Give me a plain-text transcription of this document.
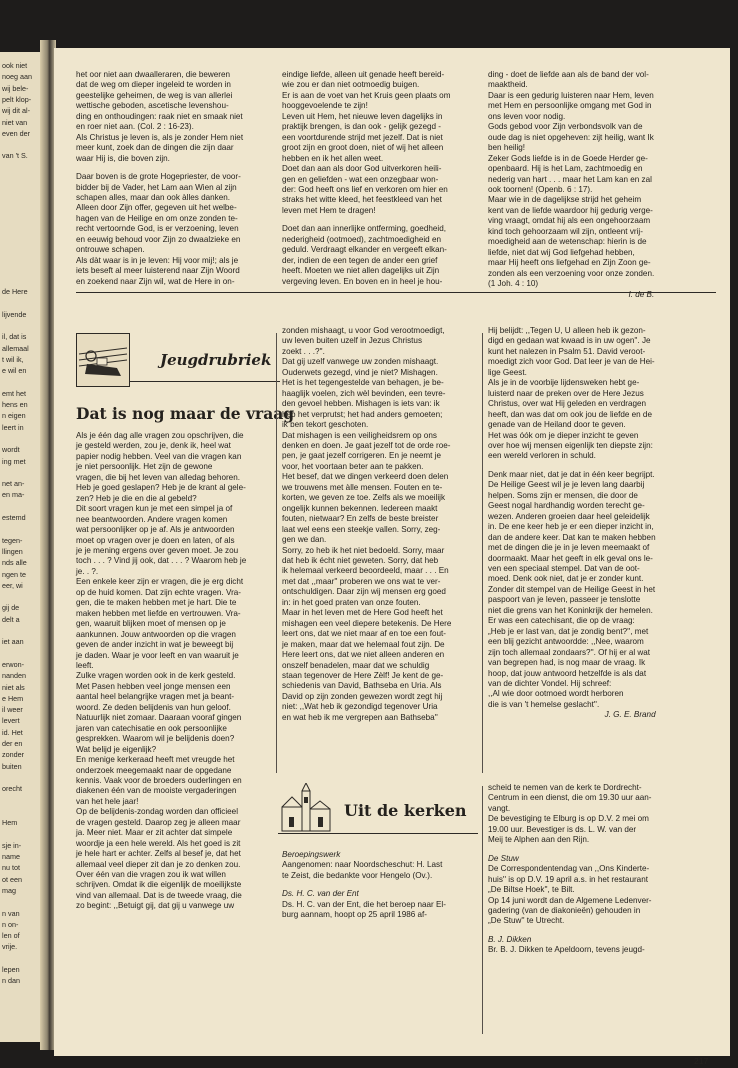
ook niet
noeg aan
wij bele-
pelt klop-
wij dit al-
niet van
even der
van 't S.
de Here
lijvende
il, dat is
allemaal
t wil ik,
e wil en
emt het
hens en
n eigen
leert in
wordt
ing met
net an-
en ma-
estemd
tegen-
llingen
nds alle
ngen te
eer, wi
gij de
delt a
iet aan
erwon-
nanden
niet als
e Hem
il weer
levert
id. Het
der en
zonder
buiten
orecht
Hem
sje in-
name
nu tot
ot een
mag
n van
n on-
len of
vrije.
lepen
n dan

het oor niet aan dwaalleraren, die beweren

dat de weg om dieper ingeleid te worden in

geestelijke geheimen, de weg is van allerlei

wettische geboden, ascetische levenshou-

ding en onthoudingen: raak niet en smaak niet

en roer niet aan. (Col. 2 : 16-23).

Als Christus je leven is, als je zonder Hem niet

meer kunt, zoek dan de dingen die zijn daar

waar Hij is, die boven zijn.

Daar boven is de grote Hogepriester, de voor-

bidder bij de Vader, het Lam aan Wien al zijn

schapen alles, maar dan ook àlles danken.

Alleen door Zijn offer, gegeven uit het welbe-

hagen van de Heilige en om onze zonden te-

recht vertoornde God, is er verzoening, leven

en eeuwig behoud voor Zijn zo dwaalzieke en

ontrouwe schapen.

Als dàt waar is in je leven: Hij voor mij!; als je

iets beseft al meer luisterend naar Zijn Woord

en zoekend naar Zijn wil, wat de Here in on-

eindige liefde, alleen uit genade heeft bereid-

wie zou er dan niet ootmoedig buigen.

Er is aan de voet van het Kruis geen plaats om

hooggevoelende te zijn!

Leven uit Hem, het nieuwe leven dagelijks in

praktijk brengen, is dan ook - gelijk gezegd -

een voortdurende strijd met jezelf. Dat is niet

groot zijn en groot doen, niet of wij het alleen

hebben en ik het allen weet.

Doet dan aan als door God uitverkoren heili-

gen en geliefden - wat een onzegbaar won-

der: God heeft ons lief en verkoren om hier en

straks het witte kleed, het feestkleed van het

leven met Hem te dragen!

Doet dan aan innerlijke ontferming, goedheid,

nederigheid (ootmoed), zachtmoedigheid en

geduld. Verdraagt elkander en vergeeft elkan-

der, indien de een tegen de ander een grief

heeft. Moeten we niet allen dagelijks uit Zijn

vergeving leven. En boven en in heel je hou-

ding - doet de liefde aan als de band der vol-

maaktheid.

Daar is een gedurig luisteren naar Hem, leven

met Hem en persoonlijke omgang met God in

ons leven voor nodig.

Gods gebod voor Zijn verbondsvolk van de

oude dag is niet opgeheven: zijt heilig, want Ik

ben heilig!

Zeker Gods liefde is in de Goede Herder ge-

openbaard. Hij is het Lam, zachtmoedig en

nederig van hart . . . maar het Lam kan en zal

ook toornen! (Openb. 6 : 17).

Maar wie in de dagelijkse strijd het geheim

kent van de liefde waardoor hij gedurig verge-

ving vraagt, omdat hij als een ongehoorzaam

kind toch gehoorzaam wil zijn, ontleent vrij-

moedigheid aan de wetenschap: hierin is de

liefde, niet dat wij God liefgehad hebben,

maar Hij heeft ons liefgehad en Zijn Zoon ge-

zonden als een verzoening voor onze zonden.

(1 Joh. 4 : 10)

I. de B.

Jeugdrubriek
Dat is nog maar de vraag

Als je één dag alle vragen zou opschrijven, die

je gesteld werden, zou je, denk ik, heel wat

papier nodig hebben. Veel van die vragen kan

je niet persoonlijk. Het zijn de gewone

vragen, die bij het leven van alledag behoren.

Heb je goed geslapen? Heb je de krant al gele-

zen? Heb je die en die al gebeld?

Dit soort vragen kun je met een simpel ja of

nee beantwoorden. Andere vragen komen

wat persoonlijker op je af. Als je antwoorden

moet op vragen over je doen en laten, of als

je je mening ergens over geven moet. Je zou

toch . . . ? Vind jij ook, dat . . . ? Waarom heb je

je. . ?.

Een enkele keer zijn er vragen, die je erg dicht

op de huid komen. Dat zijn echte vragen. Vra-

gen, die te maken hebben met je hart. Die te

maken hebben met liefde en vertrouwen. Vra-

gen, waaruit blijken moet of mensen op je

aankunnen. Jouw antwoorden op die vragen

geven de ander inzicht in wat je beweegt bij

je daden. Waar je voor leeft en van waaruit je

leeft.

Zulke vragen worden ook in de kerk gesteld.

Met Pasen hebben veel jonge mensen een

aantal heel belangrijke vragen met ja beant-

woord. Ze deden belijdenis van hun geloof.

Natuurlijk niet zomaar. Daaraan vooraf gingen

jaren van catechisatie en ook persoonlijke

gesprekken. Waarom wil je belijdenis doen?

Wat belijd je eigenlijk?

En menige kerkeraad heeft met vreugde het

onderzoek meegemaakt naar de opgedane

kennis. Vaak voor de broeders ouderlingen en

diakenen één van de mooiste vergaderingen

van het hele jaar!

Op de belijdenis-zondag worden dan officieel

de vragen gesteld. Daarop zeg je alleen maar

ja. Meer niet. Maar er zit achter dat simpele

woordje ja een hele wereld. Als het goed is zit

je hele hart er achter. Zelfs al besef je, dat het

allemaal veel dieper zit dan je zo denken zou.

Over één van die vragen zou ik wat willen

schrijven. Omdat ik die eigenlijk de moeilijkste

vind van allemaal. Dat is de tweede vraag, die

zo begint: ,,Betuigt gij, dat gij u vanwege uw

zonden mishaagt, u voor God verootmoedigt,

uw leven buiten uzelf in Jezus Christus

zoekt . . .?''.

Dat gij uzelf vanwege uw zonden mishaagt.

Ouderwets gezegd, vind je niet? Mishagen.

Het is het tegengestelde van behagen, je be-

haaglijk voelen, zich wèl bevinden, een tevre-

den gevoel hebben. Mishagen is iets van: ik

heb het verprutst; het had anders gemoeten;

ik ben tekort geschoten.

Dat mishagen is een veiligheidsrem op ons

denken en doen. Je gaat jezelf tot de orde roe-

pen, je gaat jezelf corrigeren. En je neemt je

voor, het voortaan beter aan te pakken.

Het besef, dat we dingen verkeerd doen delen

we trouwens met àlle mensen. Fouten en te-

korten, we geven ze toe. Zelfs als we moeilijk

ongelijk kunnen bekennen. Iedereen maakt

fouten, nietwaar? En zelfs de beste breister

laat wel eens een steekje vallen. Sorry, zeg-

gen we dan.

Sorry, zo heb ik het niet bedoeld. Sorry, maar

dat heb ik écht niet geweten. Sorry, dat heb

ik helemaal verkeerd beoordeeld, maar . . . En

met dat ,,maar'' proberen we ons wat te ver-

ontschuldigen. Daar zijn wij mensen erg goed

in: in het goed praten van onze fouten.

Maar in het leven met de Here God heeft het

mishagen een veel diepere betekenis. De Here

leert ons, dat we niet maar af en toe een fout-

je maken, maar dat we helemaal fout zijn. De

Here leert ons, dat we niet alleen anderen en

onszelf benadelen, maar dat we schuldig

staan tegenover de Here Zèlf! Je kent de ge-

schiedenis van David, Bathseba en Uria. Als

David op zijn zonden gewezen wordt zegt hij

niet: ,,Wat heb ik gezondigd tegenover Uria

en wat heb ik me vergrepen aan Bathseba''

Hij belijdt: ,,Tegen U, U alleen heb ik gezon-

digd en gedaan wat kwaad is in uw ogen''. Je

kunt het nalezen in Psalm 51. David veroot-

moedigt zich voor God. Dat leer je van de Hei-

lige Geest.

Als je in de voorbije lijdensweken hebt ge-

luisterd naar de preken over de Here Jezus

Christus, over wat Hij geleden en verdragen

heeft, dan was dat om ook jou de liefde en de

genade van de Heiland door te geven.

Het was óók om je dieper inzicht te geven

over hoe wij mensen eigenlijk ten diepste zijn:

een wereld verloren in schuld.

Denk maar niet, dat je dat in één keer begrijpt.

De Heilige Geest wil je je leven lang daarbij

helpen. Soms zijn er mensen, die door de

Geest nogal hardhandig worden terecht ge-

wezen. Anderen groeien daar heel geleidelijk

in. De ene keer heb je er een dieper inzicht in,

dan de andere keer. Dat kan te maken hebben

met de dingen die je in je leven meemaakt of

doormaakt. Maar het geeft in elk geval ons le-

ven een speciaal stempel. Dat van de oot-

moed. Denk ook niet, dat je er zonder kunt.

Zonder dit stempel van de Heilige Geest in het

paspoort van je leven, passeer je tenslotte

niet die grens van het Koninkrijk der hemelen.

Er was een catechisant, die op de vraag:

„Heb je er last van, dat je zondig bent?'', met

een blij gezicht antwoordde: ,,Nee, waarom

zijn toch allemaal zondaars?''. Of hij er al wat

van begrepen had, is nog maar de vraag. Ik

hoop, dat jouw antwoord hetzelfde is als dat

van de dichter Vondel. Hij schreef:

,,Al wie door ootmoed wordt herboren

die is van 't hemelse geslacht''.

J. G. E. Brand

Uit de kerken

Beroepingswerk

Aangenomen: naar Noordscheschut: H. Last

te Zeist, die bedankte voor Hengelo (Ov.).

Ds. H. C. van der Ent

Ds. H. C. van der Ent, die het beroep naar El-

burg aannam, hoopt op 25 april 1986 af-

scheid te nemen van de kerk te Dordrecht-

Centrum in een dienst, die om 19.30 uur aan-

vangt.

De bevestiging te Elburg is op D.V. 2 mei om

19.00 uur. Bevestiger is ds. L. W. van der

Meij te Alphen aan den Rijn.

De Stuw

De Correspondentendag van ,,Ons Kinderte-

huis'' is op D.V. 19 april a.s. in het restaurant

„De Biltse Hoek'', te Bilt.

Op 14 juni wordt dan de Algemene Ledenver-

gadering (van de diakonieën) gehouden in

„De Stuw'' te Utrecht.

B. J. Dikken

Br. B. J. Dikken te Apeldoorn, tevens jeugd-

217
